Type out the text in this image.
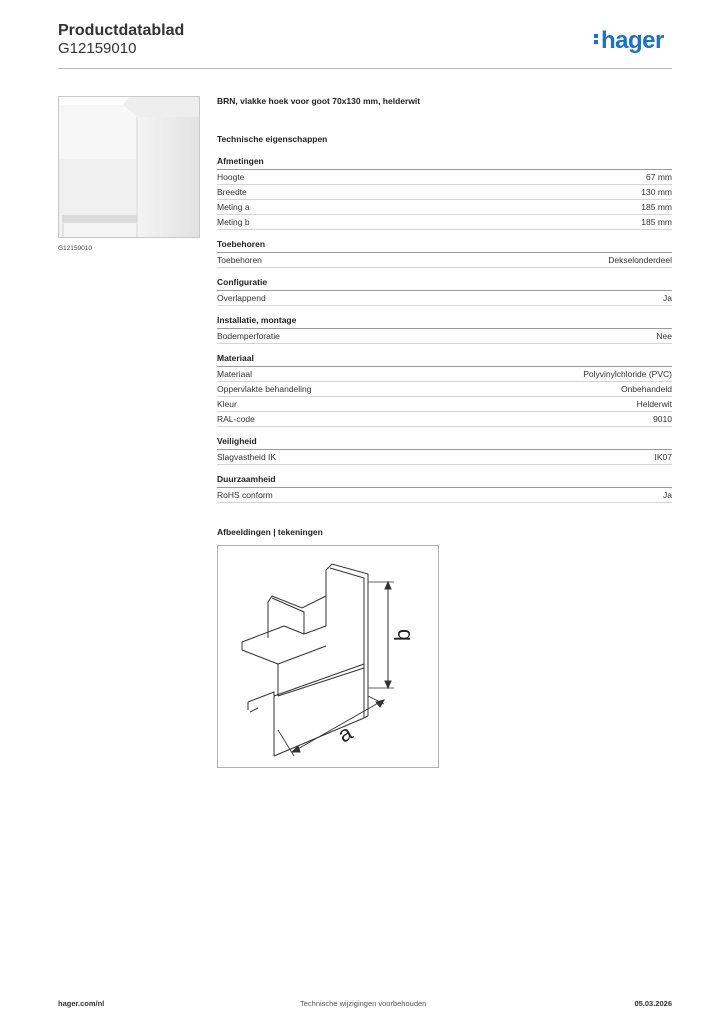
Productdatablad
G12159010	hager
G12159010
BRN, vlakke hoek voor goot 70x130 mm, helderwit
Technische eigenschappen
Afmetingen
Hoogte	67 mm
Breedte	130 mm
Meting a	185 mm
Meting b	185 mm
Toebehoren
Toebehoren	Dekselonderdeel
Configuratie
Overlappend	Ja
Installatie, montage
Bodemperforatie	Nee
Materiaal
Materiaal	Polyvinylchloride (PVC)
Oppervlakte behandeling	Onbehandeld
Kleur	Helderwit
RAL-code	9010
Veiligheid
Slagvastheid IK	IK07
Duurzaamheid
RoHS conform	Ja
Afbeeldingen | tekeningen
b
a
hager.com/nl	Technische wijzigingen voorbehouden	05.03.2026
